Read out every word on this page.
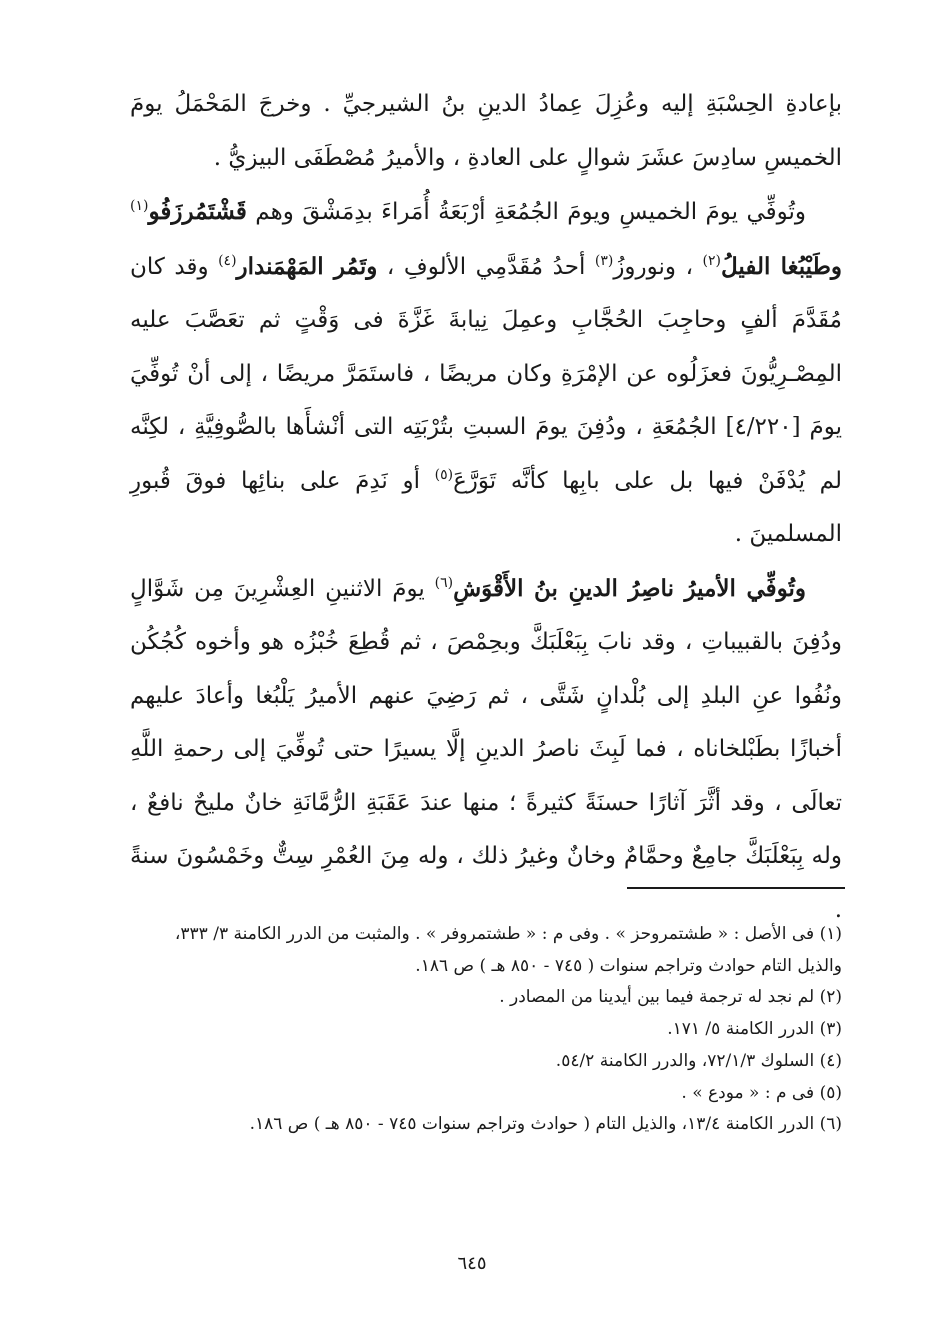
بإعادةِ الحِسْبَةِ إليه وعُزِلَ عِمادُ الدينِ بنُ الشيرجيِّ . وخرجَ المَحْمَلُ يومَ الخميسِ سادِسَ عشَرَ شوالٍ على العادةِ ، والأميرُ مُصْطَفَى البيزيُّ .

وتُوفِّي يومَ الخميسِ ويومَ الجُمُعَةِ أرْبَعَةُ أُمَراءَ بدِمَشْقَ وهم قَشْتَمُرزَفُو$^{(١)}$ وطَيْبُغا الفيلُ$^{(٢)}$ ، ونوروزُ$^{(٣)}$ أحدُ مُقَدَّمِي الألوفِ ، وتَمُر المَهْمَندار$^{(٤)}$ وقد كان مُقَدَّمَ ألفٍ وحاجِبَ الحُجَّابِ وعمِلَ نِيابةَ غَزَّةَ فى وَقْتٍ ثم تعَصَّبَ عليه المِصْـرِيُّونَ فعزَلُوه عن الإمْرَةِ وكان مريضًا ، فاستَمَرَّ مريضًا ، إلى أنْ تُوفِّيَ يومَ [٤/٢٢٠] الجُمُعَةِ ، ودُفِنَ يومَ السبتِ بتُرْبَتِه التى أنْشأَها بالصُّوفِيَّةِ ، لكِنَّه لم يُدْفَنْ فيها بل على بابِها كأنَّه تَوَرَّعَ$^{(٥)}$ أو نَدِمَ على بنائِها فوقَ قُبورِ المسلمينَ .

وتُوفِّي الأميرُ ناصِرُ الدينِ بنُ الأَقْوَشِ$^{(٦)}$ يومَ الاثنينِ العِشْرِينَ مِن شَوَّالٍ ودُفِنَ بالقبيباتِ ، وقد نابَ بِبَعْلَبَكَّ وبحِمْصَ ، ثم قُطِعَ خُبْزُه هو وأخوه كُجُكُن ونُفُوا عنِ البلدِ إلى بُلْدانٍ شَتَّى ، ثم رَضِيَ عنهم الأميرُ يَلْبُغا وأعادَ عليهم أخبازًا بطَبْلخاناه ، فما لَبِثَ ناصرُ الدينِ إلَّا يسيرًا حتى تُوفِّيَ إلى رحمةِ اللَّهِ تعالَى ، وقد أثَّرَ آثارًا حسنَةً كثيرةً ؛ منها عندَ عَقَبَةِ الرُّمَّانَةِ خانٌ مليحٌ نافعٌ ، وله بِبَعْلَبَكَّ جامِعٌ وحمَّامٌ وخانٌ وغيرُ ذلك ، وله مِنَ العُمْرِ سِتٌّ وخَمْسُونَ سنةً .

(١) فى الأصل : « طشتمروحز » . وفى م : « طشتمروفر » . والمثبت من الدرر الكامنة ٣/ ٣٣٣، والذيل التام حوادث وتراجم سنوات ( ٧٤٥ - ٨٥٠ هـ ) ص ١٨٦.

(٢) لم نجد له ترجمة فيما بين أيدينا من المصادر .

(٣) الدرر الكامنة ٥/ ١٧١.

(٤) السلوك ٧٢/١/٣، والدرر الكامنة ٥٤/٢.

(٥) فى م : « مودع » .

(٦) الدرر الكامنة ١٣/٤، والذيل التام ( حوادث وتراجم سنوات ٧٤٥ - ٨٥٠ هـ ) ص ١٨٦.

٦٤٥
